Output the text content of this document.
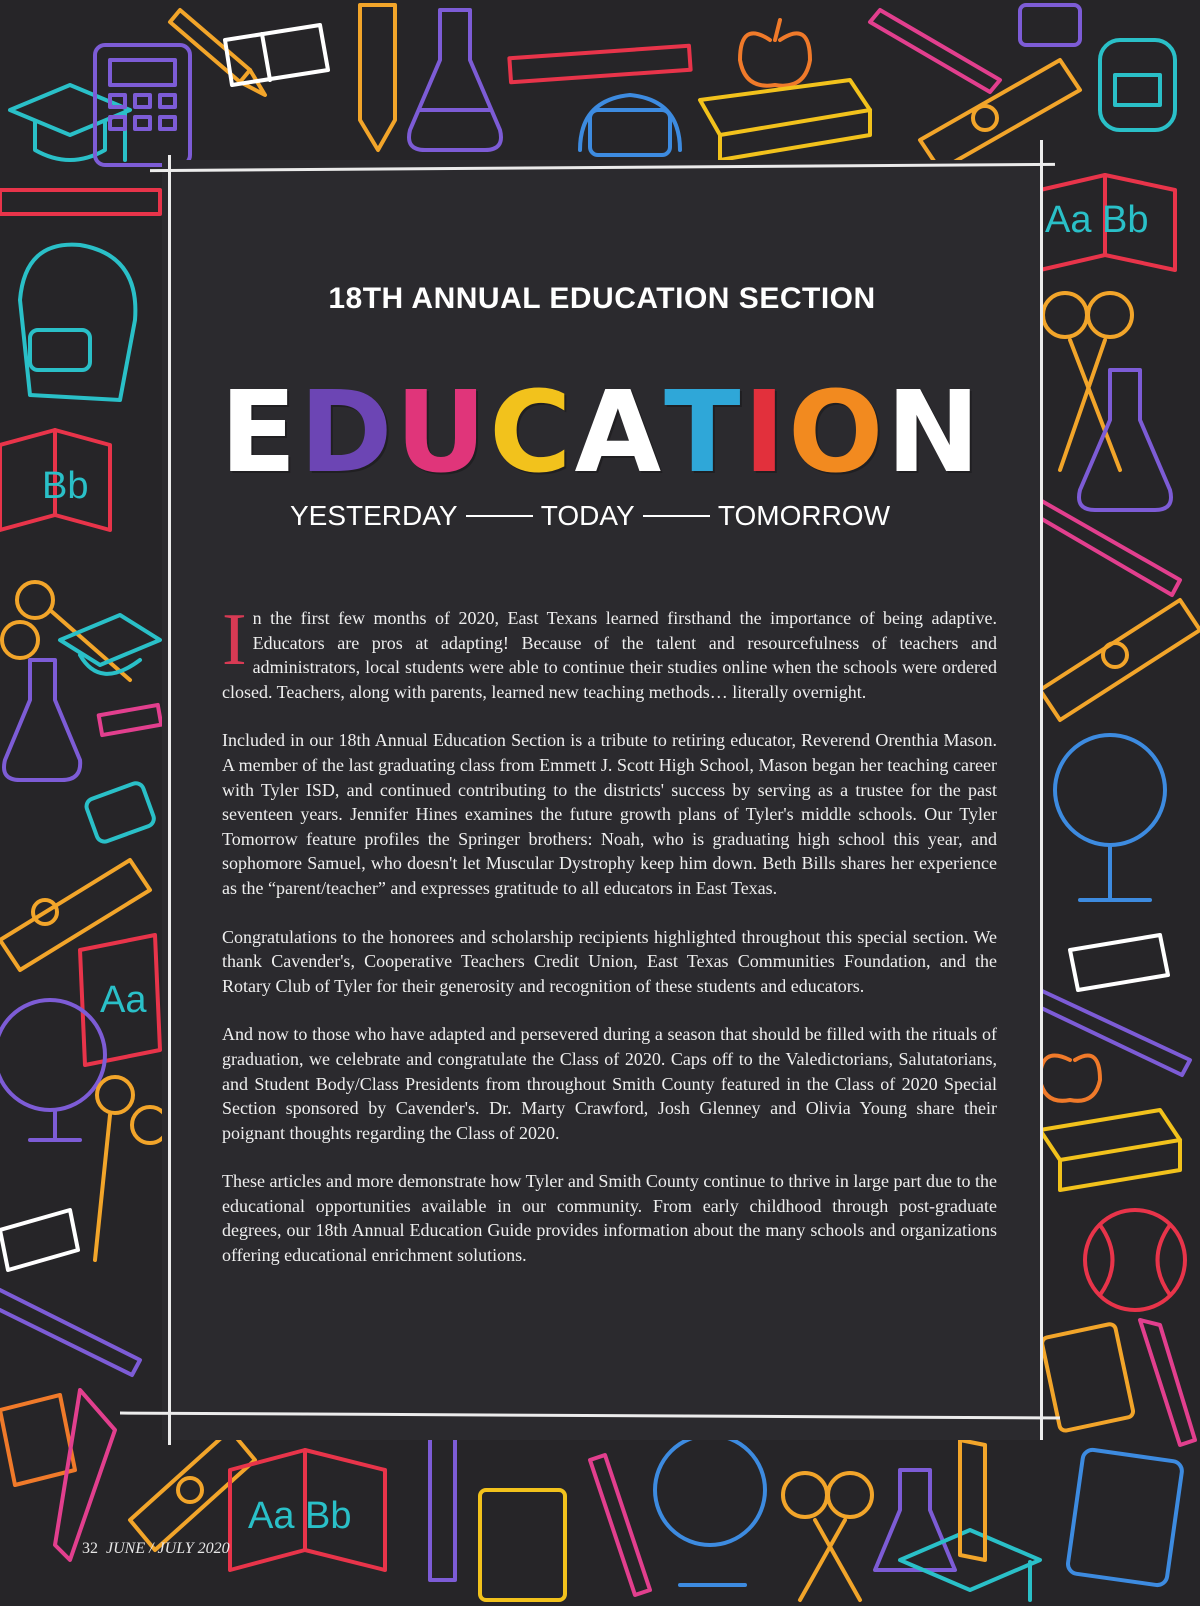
Aa Bb
Bb
Aa
Aa Bb
18TH ANNUAL EDUCATION SECTION
E D U C A T I O N
YESTERDAY	TODAY	TOMORROW

In the first few months of 2020, East Texans learned firsthand the importance of being adaptive. Educators are pros at adapting! Because of the talent and resourcefulness of teachers and administrators, local students were able to continue their studies online when the schools were ordered closed. Teachers, along with parents, learned new teaching methods… literally overnight.

Included in our 18th Annual Education Section is a tribute to retiring educator, Reverend Orenthia Mason. A member of the last graduating class from Emmett J. Scott High School, Mason began her teaching career with Tyler ISD, and continued contributing to the districts' success by serving as a trustee for the past seventeen years. Jennifer Hines examines the future growth plans of Tyler's middle schools. Our Tyler Tomorrow feature profiles the Springer brothers: Noah, who is graduating high school this year, and sophomore Samuel, who doesn't let Muscular Dystrophy keep him down. Beth Bills shares her experience as the “parent/teacher” and expresses gratitude to all educators in East Texas.

Congratulations to the honorees and scholarship recipients highlighted throughout this special section. We thank Cavender's, Cooperative Teachers Credit Union, East Texas Communities Foundation, and the Rotary Club of Tyler for their generosity and recognition of these students and educators.

And now to those who have adapted and persevered during a season that should be filled with the rituals of graduation, we celebrate and congratulate the Class of 2020. Caps off to the Valedictorians, Salutatorians, and Student Body/Class Presidents from throughout Smith County featured in the Class of 2020 Special Section sponsored by Cavender's. Dr. Marty Crawford, Josh Glenney and Olivia Young share their poignant thoughts regarding the Class of 2020.

These articles and more demonstrate how Tyler and Smith County continue to thrive in large part due to the educational opportunities available in our community. From early childhood through post-graduate degrees, our 18th Annual Education Guide provides information about the many schools and organizations offering educational enrichment solutions.

32 JUNE / JULY 2020
